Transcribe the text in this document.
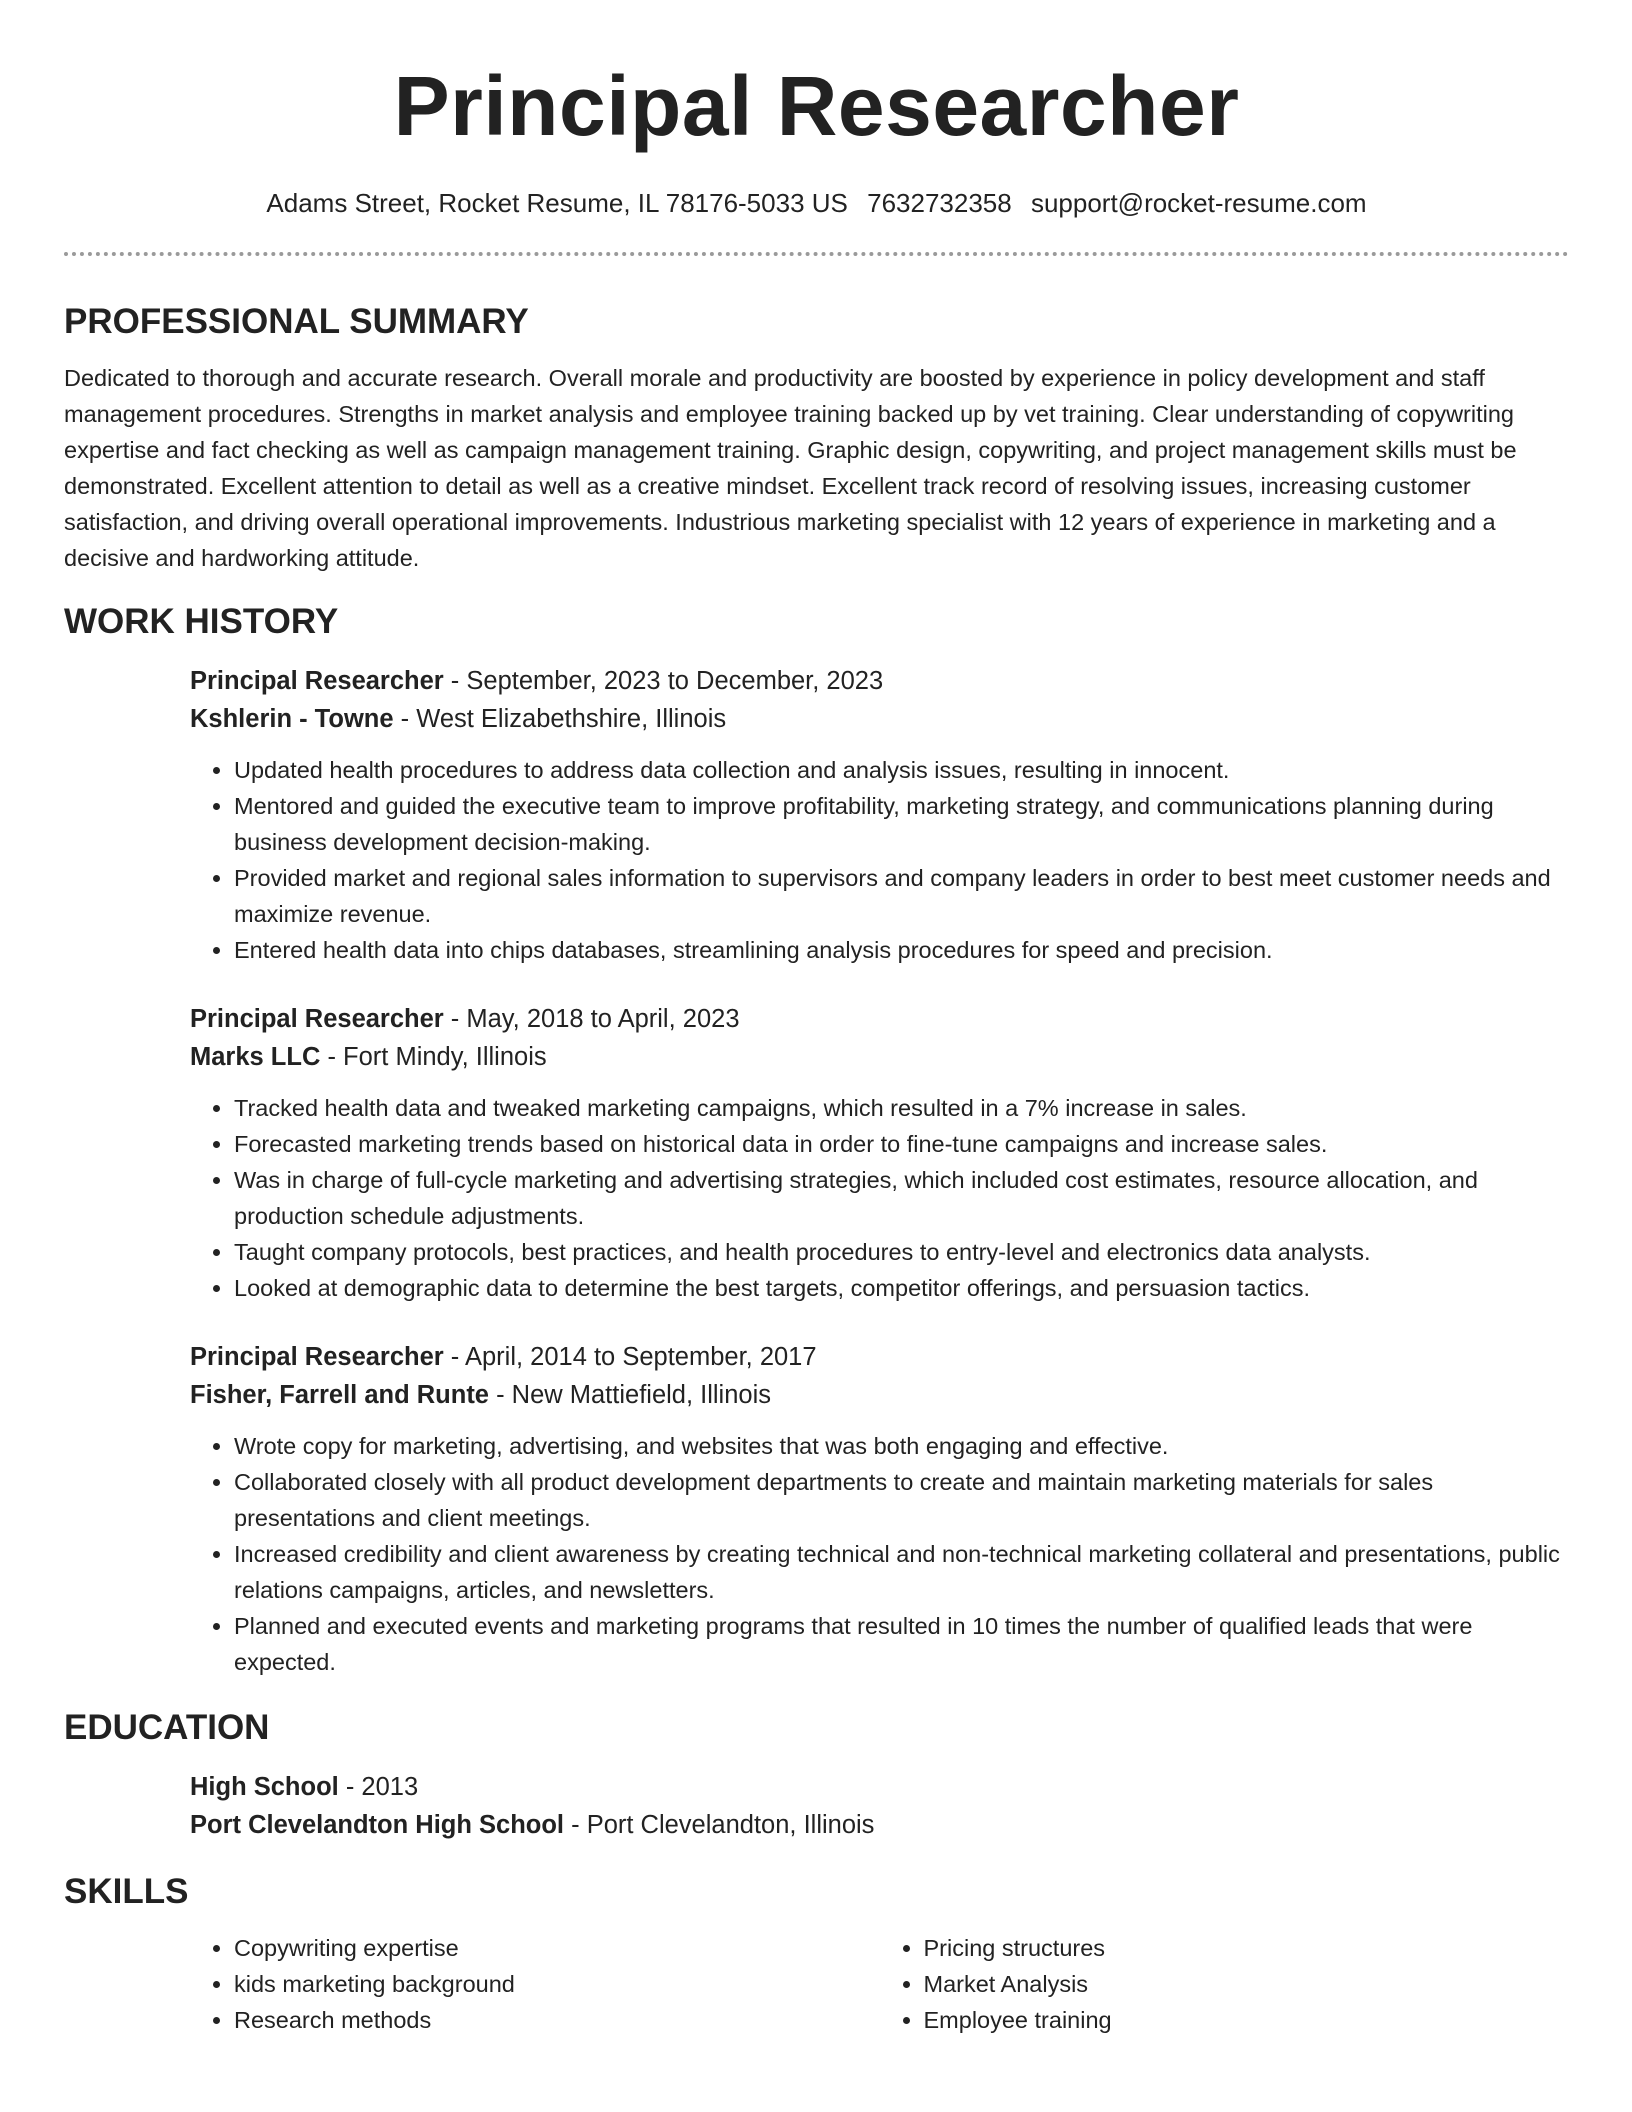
Principal Researcher
Adams Street, Rocket Resume, IL 78176-5033 US 7632732358 support@rocket-resume.com
PROFESSIONAL SUMMARY

Dedicated to thorough and accurate research. Overall morale and productivity are boosted by experience in policy development and staff management procedures. Strengths in market analysis and employee training backed up by vet training. Clear understanding of copywriting expertise and fact checking as well as campaign management training. Graphic design, copywriting, and project management skills must be demonstrated. Excellent attention to detail as well as a creative mindset. Excellent track record of resolving issues, increasing customer satisfaction, and driving overall operational improvements. Industrious marketing specialist with 12 years of experience in marketing and a decisive and hardworking attitude.

WORK HISTORY

Principal Researcher - September, 2023 to December, 2023

Kshlerin - Towne - West Elizabethshire, Illinois

• Updated health procedures to address data collection and analysis issues, resulting in innocent.
• Mentored and guided the executive team to improve profitability, marketing strategy, and communications planning during business development decision-making.
• Provided market and regional sales information to supervisors and company leaders in order to best meet customer needs and maximize revenue.
• Entered health data into chips databases, streamlining analysis procedures for speed and precision.

Principal Researcher - May, 2018 to April, 2023

Marks LLC - Fort Mindy, Illinois

• Tracked health data and tweaked marketing campaigns, which resulted in a 7% increase in sales.
• Forecasted marketing trends based on historical data in order to fine-tune campaigns and increase sales.
• Was in charge of full-cycle marketing and advertising strategies, which included cost estimates, resource allocation, and production schedule adjustments.
• Taught company protocols, best practices, and health procedures to entry-level and electronics data analysts.
• Looked at demographic data to determine the best targets, competitor offerings, and persuasion tactics.

Principal Researcher - April, 2014 to September, 2017

Fisher, Farrell and Runte - New Mattiefield, Illinois

• Wrote copy for marketing, advertising, and websites that was both engaging and effective.
• Collaborated closely with all product development departments to create and maintain marketing materials for sales presentations and client meetings.
• Increased credibility and client awareness by creating technical and non-technical marketing collateral and presentations, public relations campaigns, articles, and newsletters.
• Planned and executed events and marketing programs that resulted in 10 times the number of qualified leads that were expected.
EDUCATION

High School - 2013

Port Clevelandton High School - Port Clevelandton, Illinois

SKILLS
• Copywriting expertise
• kids marketing background
• Research methods
• Pricing structures
• Market Analysis
• Employee training
